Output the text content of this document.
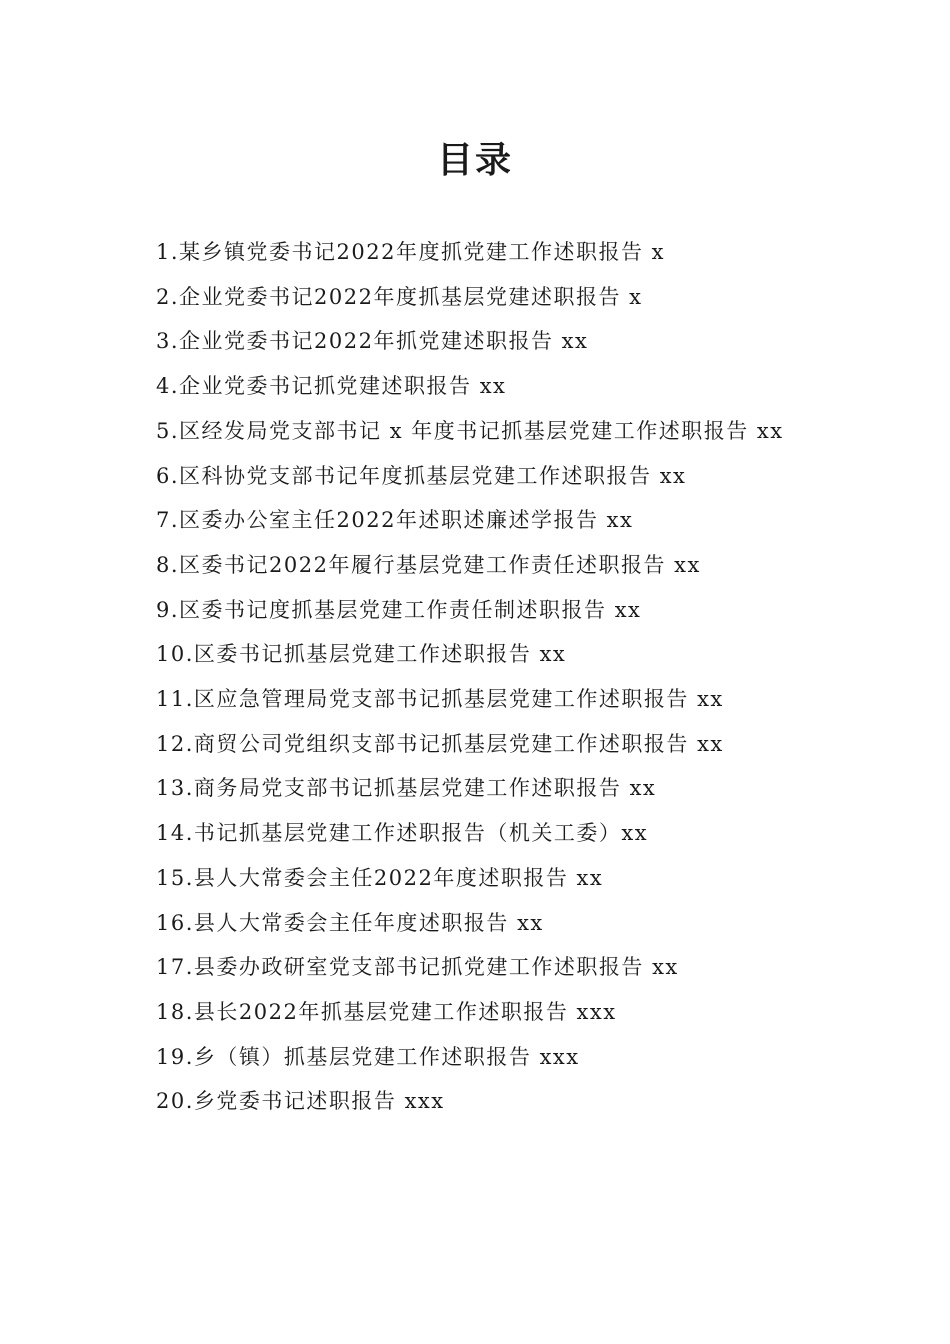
目录
1.某乡镇党委书记2022年度抓党建工作述职报告 x
2.企业党委书记2022年度抓基层党建述职报告 x
3.企业党委书记2022年抓党建述职报告 xx
4.企业党委书记抓党建述职报告 xx
5.区经发局党支部书记 x 年度书记抓基层党建工作述职报告 xx
6.区科协党支部书记年度抓基层党建工作述职报告 xx
7.区委办公室主任2022年述职述廉述学报告 xx
8.区委书记2022年履行基层党建工作责任述职报告 xx
9.区委书记度抓基层党建工作责任制述职报告 xx
10.区委书记抓基层党建工作述职报告 xx
11.区应急管理局党支部书记抓基层党建工作述职报告 xx
12.商贸公司党组织支部书记抓基层党建工作述职报告 xx
13.商务局党支部书记抓基层党建工作述职报告 xx
14.书记抓基层党建工作述职报告（机关工委）xx
15.县人大常委会主任2022年度述职报告 xx
16.县人大常委会主任年度述职报告 xx
17.县委办政研室党支部书记抓党建工作述职报告 xx
18.县长2022年抓基层党建工作述职报告 xxx
19.乡（镇）抓基层党建工作述职报告 xxx
20.乡党委书记述职报告 xxx
